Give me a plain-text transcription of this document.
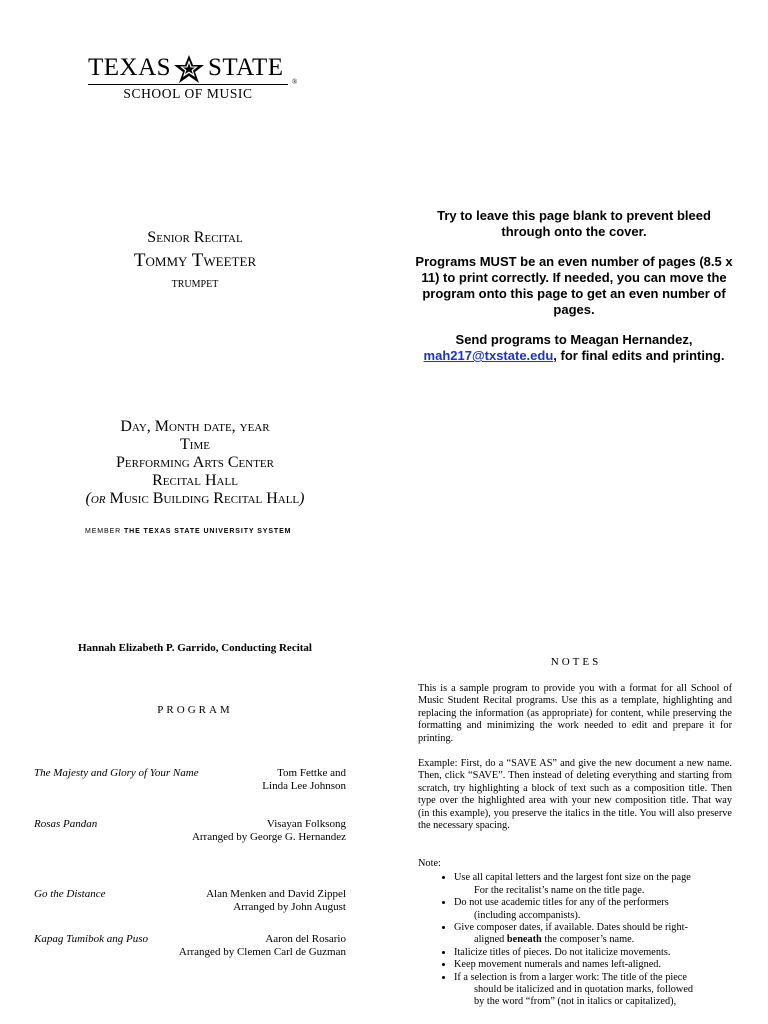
TEXAS STATE
®
SCHOOL OF MUSIC
Senior Recital
Tommy Tweeter
trumpet
Day, Month date, year
Time
Performing Arts Center
Recital Hall
(or Music Building Recital Hall)
MEMBER THE TEXAS STATE UNIVERSITY SYSTEM

Try to leave this page blank to prevent bleed through onto the cover.

Programs MUST be an even number of pages (8.5 x 11) to print correctly. If needed, you can move the program onto this page to get an even number of pages.

Send programs to Meagan Hernandez, mah217@txstate.edu, for final edits and printing.

Hannah Elizabeth P. Garrido, Conducting Recital
PROGRAM
The Majesty and Glory of Your Name	Tom Fettke and
Linda Lee Johnson
Rosas Pandan	Visayan Folksong
Arranged by George G. Hernandez
Go the Distance	Alan Menken and David Zippel
Arranged by John August
Kapag Tumibok ang Puso	Aaron del Rosario
Arranged by Clemen Carl de Guzman
NOTES

This is a sample program to provide you with a format for all School of Music Student Recital programs. Use this as a template, highlighting and replacing the information (as appropriate) for content, while preserving the formatting and minimizing the work needed to edit and prepare it for printing.

Example: First, do a “SAVE AS” and give the new document a new name. Then, click “SAVE”. Then instead of deleting everything and starting from scratch, try highlighting a block of text such as a composition title. Then type over the highlighted area with your new composition title. That way (in this example), you preserve the italics in the title. You will also preserve the necessary spacing.

Note:

• Use all capital letters and the largest font size on the page
For the recitalist’s name on the title page.
• Do not use academic titles for any of the performers
(including accompanists).
• Give composer dates, if available. Dates should be right-
aligned beneath the composer’s name.
• Italicize titles of pieces. Do not italicize movements.
• Keep movement numerals and names left-aligned.
• If a selection is from a larger work: The title of the piece
should be italicized and in quotation marks, followed
by the word “from” (not in italics or capitalized),
